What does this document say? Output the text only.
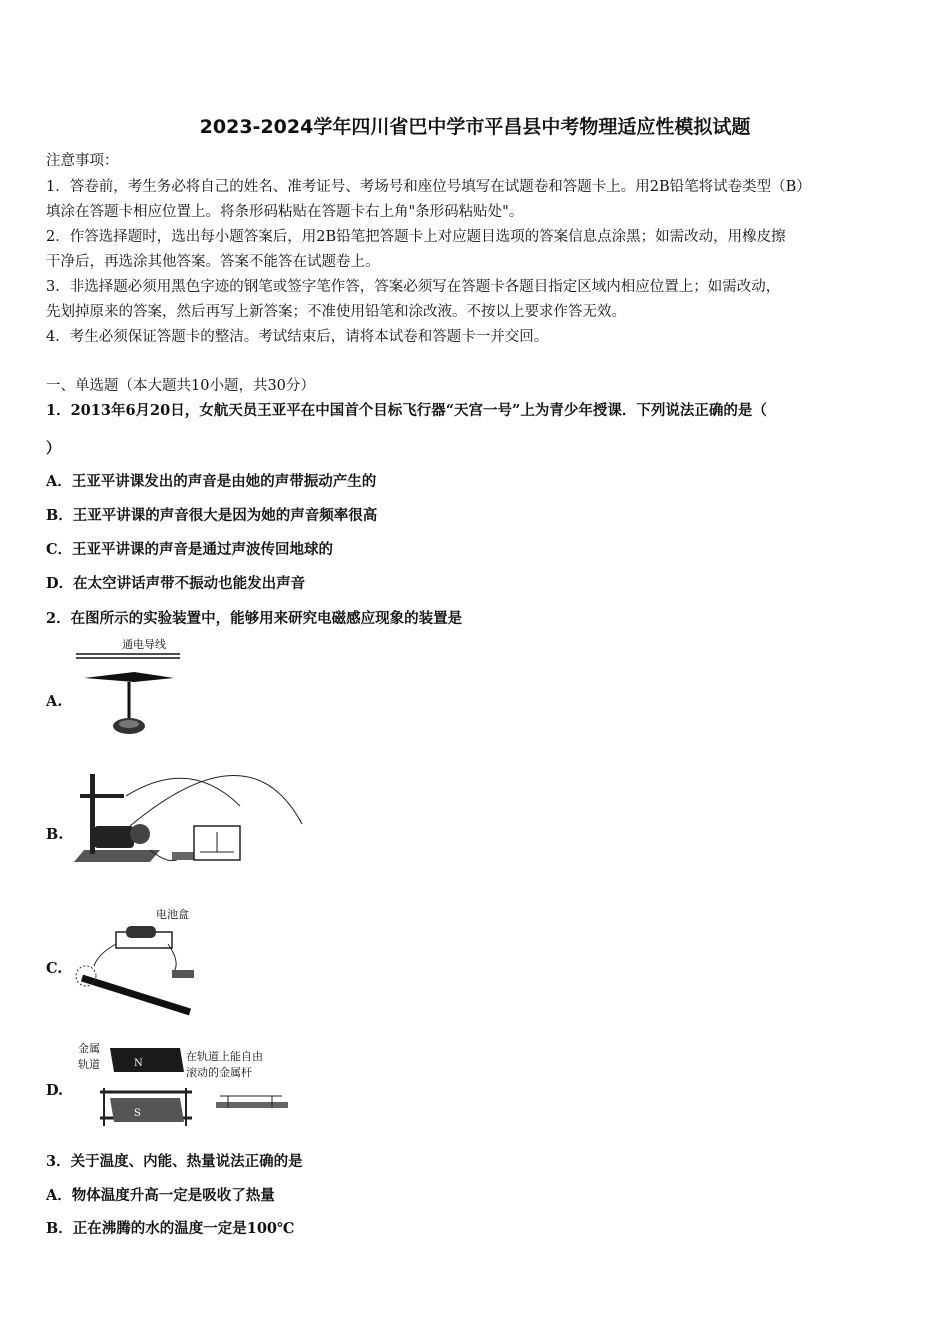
2023-2024学年四川省巴中学市平昌县中考物理适应性模拟试题
注意事项：
1．答卷前，考生务必将自己的姓名、准考证号、考场号和座位号填写在试题卷和答题卡上。用2B铅笔将试卷类型（B）
填涂在答题卡相应位置上。将条形码粘贴在答题卡右上角"条形码粘贴处"。
2．作答选择题时，选出每小题答案后，用2B铅笔把答题卡上对应题目选项的答案信息点涂黑；如需改动，用橡皮擦
干净后，再选涂其他答案。答案不能答在试题卷上。
3．非选择题必须用黑色字迹的钢笔或签字笔作答，答案必须写在答题卡各题目指定区域内相应位置上；如需改动，
先划掉原来的答案，然后再写上新答案；不准使用铅笔和涂改液。不按以上要求作答无效。
4．考生必须保证答题卡的整洁。考试结束后，请将本试卷和答题卡一并交回。
一、单选题（本大题共10小题，共30分）
1．2013年6月20日，女航天员王亚平在中国首个目标飞行器“天宫一号”上为青少年授课．下列说法正确的是（
）
A．王亚平讲课发出的声音是由她的声带振动产生的
B．王亚平讲课的声音很大是因为她的声音频率很高
C．王亚平讲课的声音是通过声波传回地球的
D．在太空讲话声带不振动也能发出声音
2．在图所示的实验装置中，能够用来研究电磁感应现象的装置是
A.
通电导线
B.
C.
电池盒
D.
金属
轨道	N
S
在轨道上能自由
滚动的金属杆
3．关于温度、内能、热量说法正确的是
A．物体温度升高一定是吸收了热量
B．正在沸腾的水的温度一定是100℃
